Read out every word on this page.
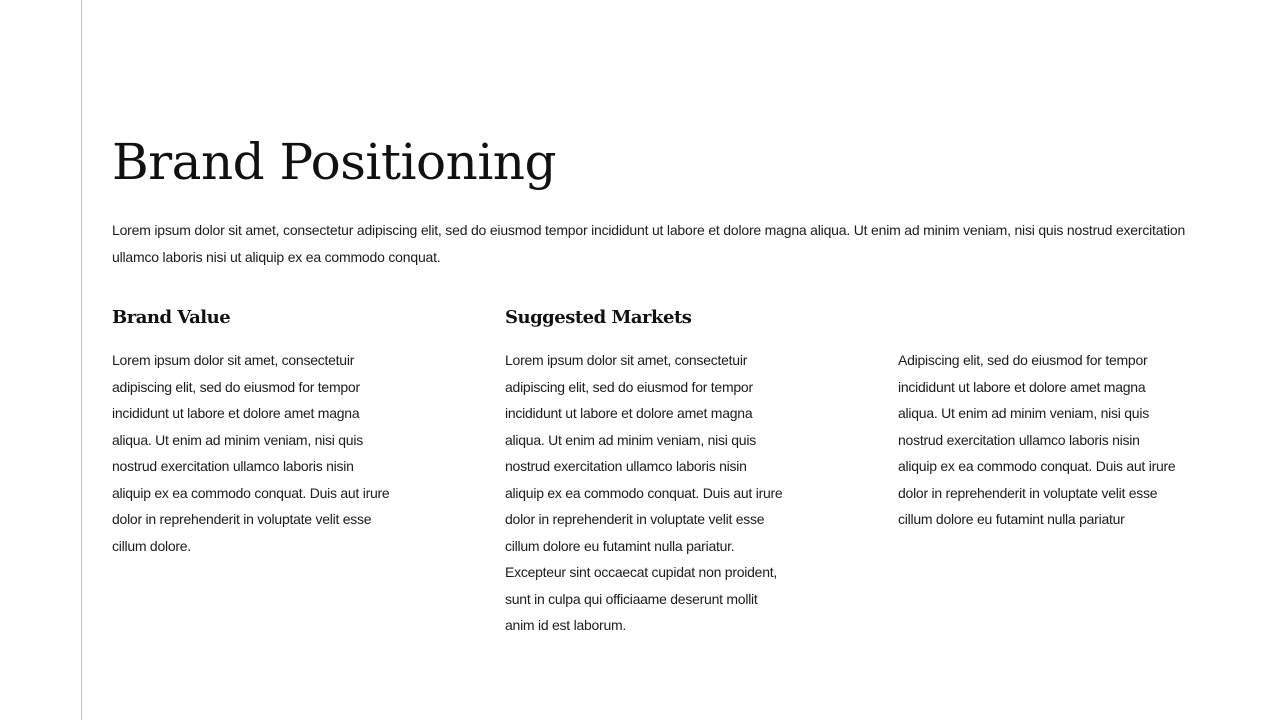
Brand Positioning

Lorem ipsum dolor sit amet, consectetur adipiscing elit, sed do eiusmod tempor incididunt ut labore et dolore magna aliqua. Ut enim ad minim veniam, nisi quis nostrud exercitation ullamco laboris nisi ut aliquip ex ea commodo conquat.

Brand Value

Lorem ipsum dolor sit amet, consectetuir adipiscing elit, sed do eiusmod for tempor incididunt ut labore et dolore amet magna aliqua. Ut enim ad minim veniam, nisi quis nostrud exercitation ullamco laboris nisin aliquip ex ea commodo conquat. Duis aut irure dolor in reprehenderit in voluptate velit esse cillum dolore.

Suggested Markets

Lorem ipsum dolor sit amet, consectetuir adipiscing elit, sed do eiusmod for tempor incididunt ut labore et dolore amet magna aliqua. Ut enim ad minim veniam, nisi quis nostrud exercitation ullamco laboris nisin aliquip ex ea commodo conquat. Duis aut irure dolor in reprehenderit in voluptate velit esse cillum dolore eu futamint nulla pariatur. Excepteur sint occaecat cupidat non proident, sunt in culpa qui officiaame deserunt mollit anim id est laborum.

Adipiscing elit, sed do eiusmod for tempor incididunt ut labore et dolore amet magna aliqua. Ut enim ad minim veniam, nisi quis nostrud exercitation ullamco laboris nisin aliquip ex ea commodo conquat. Duis aut irure dolor in reprehenderit in voluptate velit esse cillum dolore eu futamint nulla pariatur
